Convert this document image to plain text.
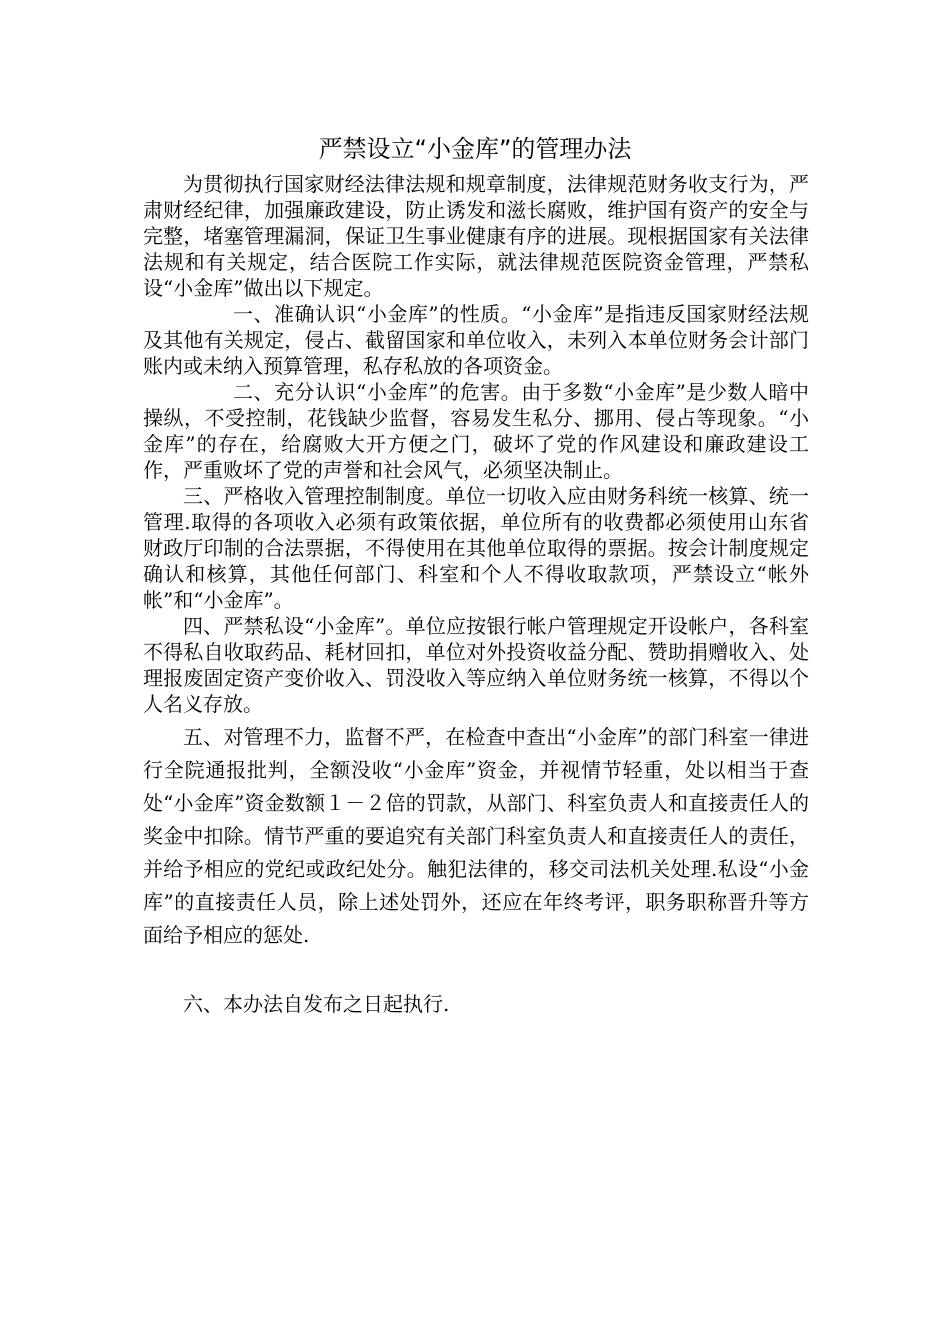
严禁设立“小金库”的管理办法

为贯彻执行国家财经法律法规和规章制度，法律规范财务收支行为，严肃财经纪律，加强廉政建设，防止诱发和滋长腐败，维护国有资产的安全与完整，堵塞管理漏洞，保证卫生事业健康有序的进展。现根据国家有关法律法规和有关规定，结合医院工作实际，就法律规范医院资金管理，严禁私设“小金库”做出以下规定。

一、准确认识“小金库”的性质。“小金库”是指违反国家财经法规及其他有关规定，侵占、截留国家和单位收入，未列入本单位财务会计部门账内或未纳入预算管理，私存私放的各项资金。

二、充分认识“小金库”的危害。由于多数“小金库”是少数人暗中操纵，不受控制，花钱缺少监督，容易发生私分、挪用、侵占等现象。“小金库”的存在，给腐败大开方便之门，破坏了党的作风建设和廉政建设工作，严重败坏了党的声誉和社会风气，必须坚决制止。

三、严格收入管理控制制度。单位一切收入应由财务科统一核算、统一管理.取得的各项收入必须有政策依据，单位所有的收费都必须使用山东省财政厅印制的合法票据，不得使用在其他单位取得的票据。按会计制度规定确认和核算，其他任何部门、科室和个人不得收取款项，严禁设立“帐外帐”和“小金库”。

四、严禁私设“小金库”。单位应按银行帐户管理规定开设帐户，各科室不得私自收取药品、耗材回扣，单位对外投资收益分配、赞助捐赠收入、处理报废固定资产变价收入、罚没收入等应纳入单位财务统一核算，不得以个人名义存放。

五、对管理不力，监督不严，在检查中查出“小金库”的部门科室一律进行全院通报批判，全额没收“小金库”资金，并视情节轻重，处以相当于查处“小金库”资金数额１－２倍的罚款，从部门、科室负责人和直接责任人的奖金中扣除。情节严重的要追究有关部门科室负责人和直接责任人的责任，并给予相应的党纪或政纪处分。触犯法律的，移交司法机关处理.私设“小金库”的直接责任人员，除上述处罚外，还应在年终考评，职务职称晋升等方面给予相应的惩处.

六、本办法自发布之日起执行.
